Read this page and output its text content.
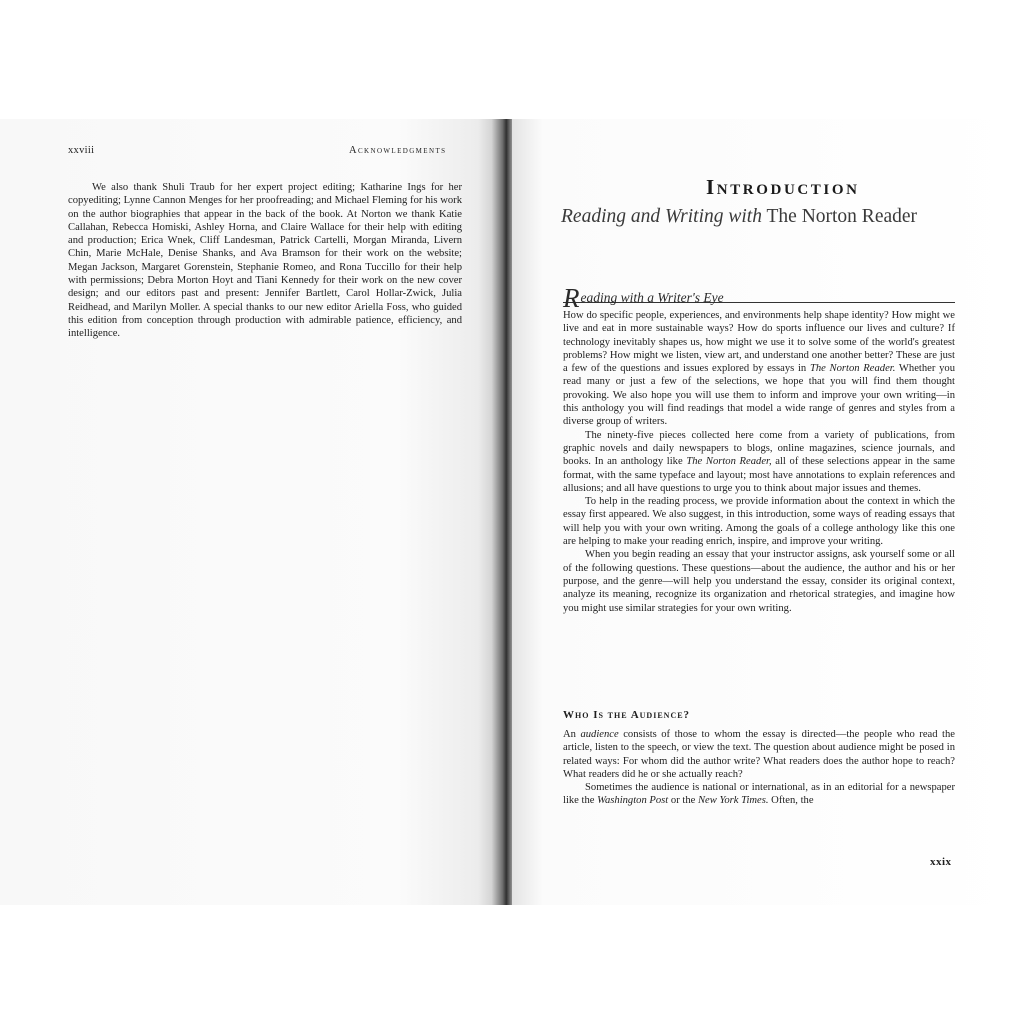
xxviii	Acknowledgments

We also thank Shuli Traub for her expert project editing; Katharine Ings for her copyediting; Lynne Cannon Menges for her proofreading; and Michael Fleming for his work on the author biographies that appear in the back of the book. At Norton we thank Katie Callahan, Rebecca Homiski, Ashley Horna, and Claire Wallace for their help with editing and production; Erica Wnek, Cliff Landesman, Patrick Cartelli, Morgan Miranda, Livern Chin, Marie McHale, Denise Shanks, and Ava Bramson for their work on the website; Megan Jackson, Margaret Gorenstein, Stephanie Romeo, and Rona Tuccillo for their help with permissions; Debra Morton Hoyt and Tiani Kennedy for their work on the new cover design; and our editors past and present: Jennifer Bartlett, Carol Hollar-Zwick, Julia Reidhead, and Marilyn Moller. A special thanks to our new editor Ariella Foss, who guided this edition from conception through production with admirable patience, efficiency, and intelligence.

Introduction
Reading and Writing with The Norton Reader
Reading with a Writer's Eye

How do specific people, experiences, and environments help shape identity? How might we live and eat in more sustainable ways? How do sports influence our lives and culture? If technology inevitably shapes us, how might we use it to solve some of the world's greatest problems? How might we listen, view art, and understand one another better? These are just a few of the questions and issues explored by essays in The Norton Reader. Whether you read many or just a few of the selections, we hope that you will find them thought provoking. We also hope you will use them to inform and improve your own writing—in this anthology you will find readings that model a wide range of genres and styles from a diverse group of writers.

The ninety-five pieces collected here come from a variety of publications, from graphic novels and daily newspapers to blogs, online magazines, science journals, and books. In an anthology like The Norton Reader, all of these selections appear in the same format, with the same typeface and layout; most have annotations to explain references and allusions; and all have questions to urge you to think about major issues and themes.

To help in the reading process, we provide information about the context in which the essay first appeared. We also suggest, in this introduction, some ways of reading essays that will help you with your own writing. Among the goals of a college anthology like this one are helping to make your reading enrich, inspire, and improve your writing.

When you begin reading an essay that your instructor assigns, ask yourself some or all of the following questions. These questions—about the audience, the author and his or her purpose, and the genre—will help you understand the essay, consider its original context, analyze its meaning, recognize its organization and rhetorical strategies, and imagine how you might use similar strategies for your own writing.

Who Is the Audience?

An audience consists of those to whom the essay is directed—the people who read the article, listen to the speech, or view the text. The question about audience might be posed in related ways: For whom did the author write? What readers does the author hope to reach? What readers did he or she actually reach?

Sometimes the audience is national or international, as in an editorial for a newspaper like the Washington Post or the New York Times. Often, the

xxix
